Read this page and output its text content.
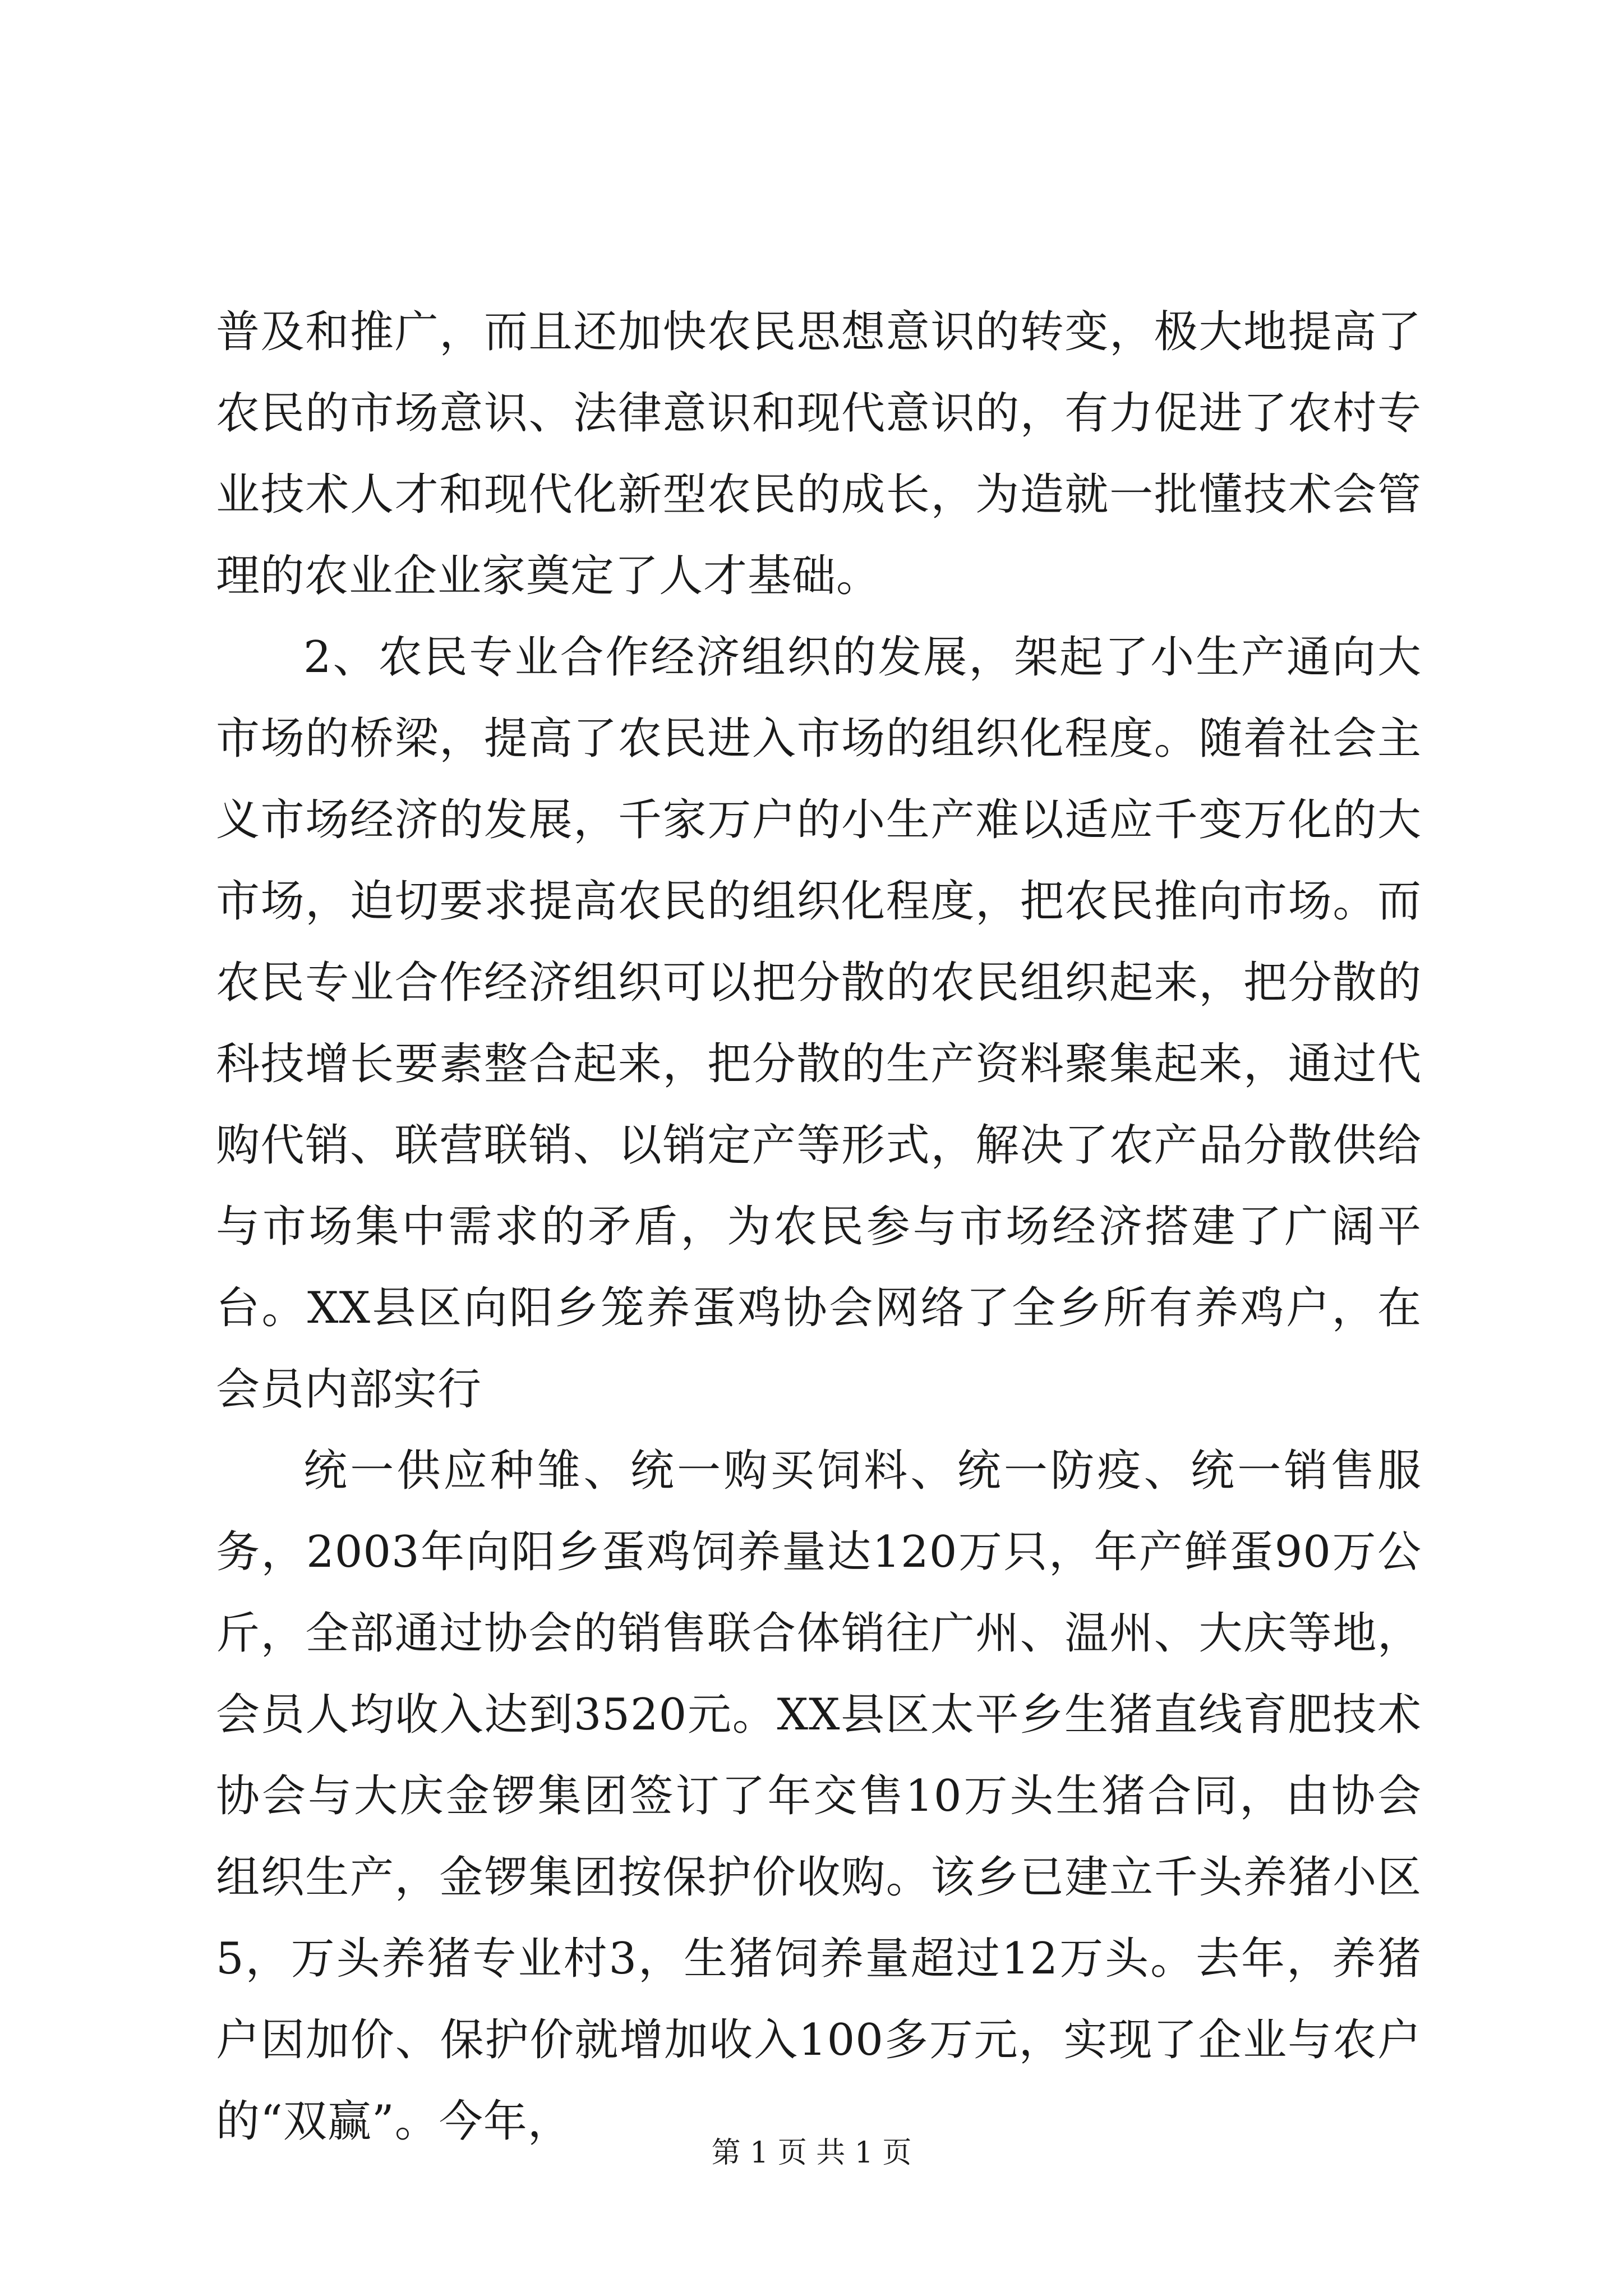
普及和推广，而且还加快农民思想意识的转变，极大地提高了农民的市场意识、法律意识和现代意识的，有力促进了农村专业技术人才和现代化新型农民的成长，为造就一批懂技术会管理的农业企业家奠定了人才基础。

2、农民专业合作经济组织的发展，架起了小生产通向大市场的桥梁，提高了农民进入市场的组织化程度。随着社会主义市场经济的发展，千家万户的小生产难以适应千变万化的大市场，迫切要求提高农民的组织化程度，把农民推向市场。而农民专业合作经济组织可以把分散的农民组织起来，把分散的科技增长要素整合起来，把分散的生产资料聚集起来，通过代购代销、联营联销、以销定产等形式，解决了农产品分散供给与市场集中需求的矛盾，为农民参与市场经济搭建了广阔平台。XX县区向阳乡笼养蛋鸡协会网络了全乡所有养鸡户，在会员内部实行

统一供应种雏、统一购买饲料、统一防疫、统一销售服务，2003年向阳乡蛋鸡饲养量达120万只，年产鲜蛋90万公斤，全部通过协会的销售联合体销往广州、温州、大庆等地，会员人均收入达到3520元。XX县区太平乡生猪直线育肥技术协会与大庆金锣集团签订了年交售10万头生猪合同，由协会组织生产，金锣集团按保护价收购。该乡已建立千头养猪小区5，万头养猪专业村3，生猪饲养量超过12万头。去年，养猪户因加价、保护价就增加收入100多万元，实现了企业与农户的“双赢”。今年，

第 1 页 共 1 页
